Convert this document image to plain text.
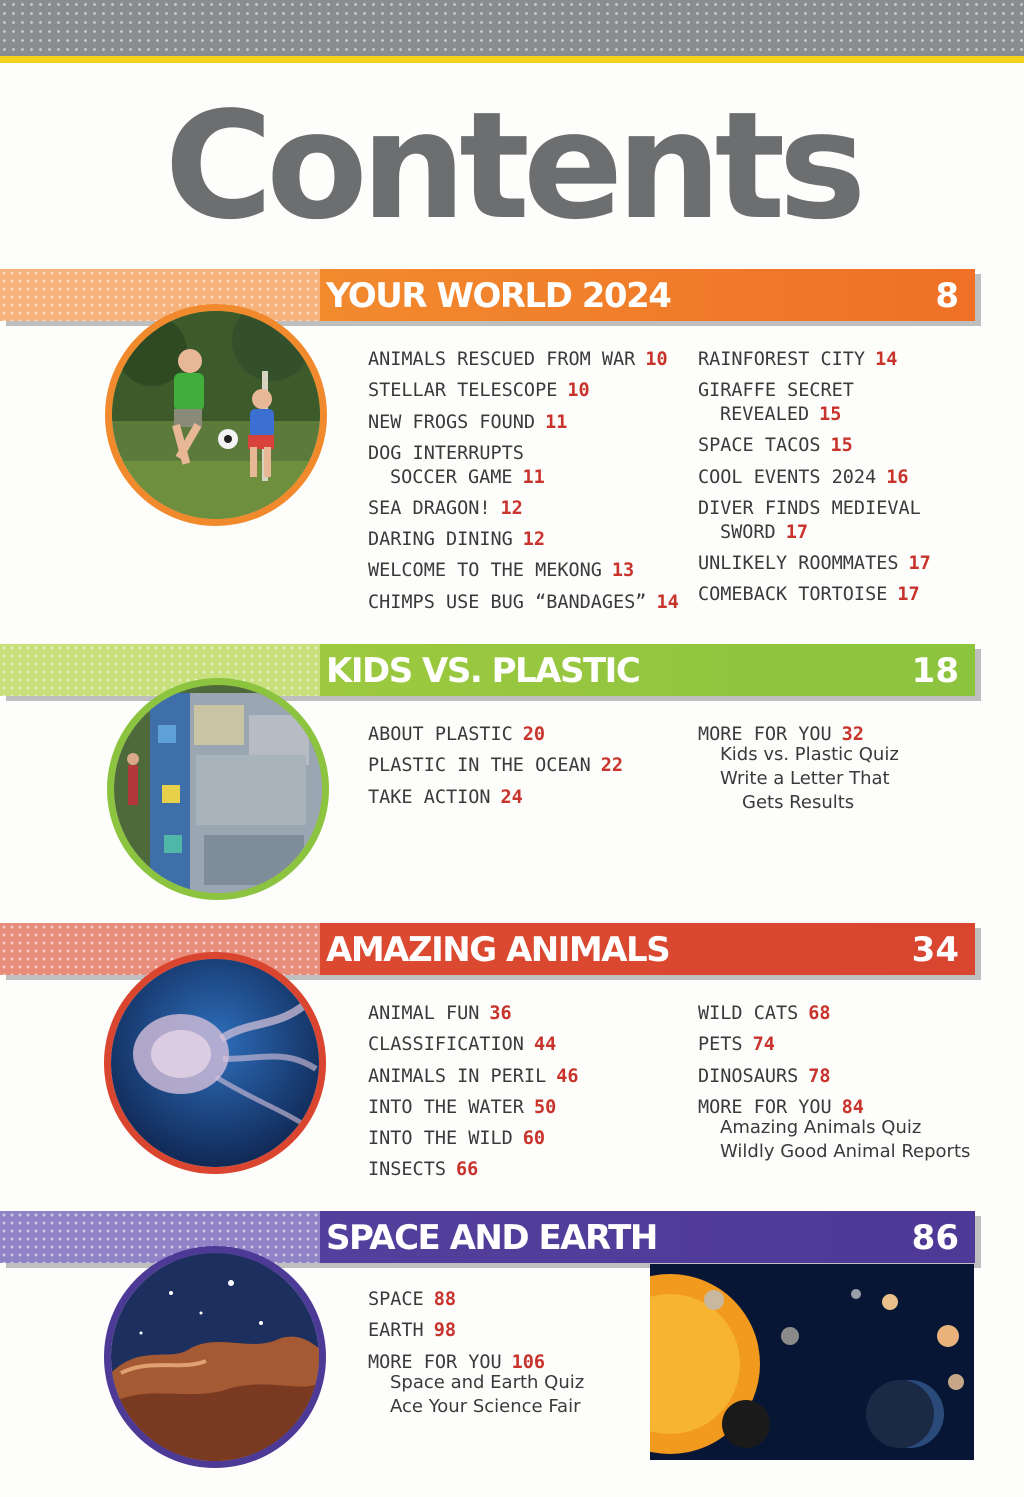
Contents
YOUR WORLD 2024	8
ANIMALS RESCUED FROM WAR 10
STELLAR TELESCOPE 10
NEW FROGS FOUND 11
DOG INTERRUPTS
SOCCER GAME 11
SEA DRAGON! 12
DARING DINING 12
WELCOME TO THE MEKONG 13
CHIMPS USE BUG “BANDAGES” 14
RAINFOREST CITY 14
GIRAFFE SECRET
REVEALED 15
SPACE TACOS 15
COOL EVENTS 2024 16
DIVER FINDS MEDIEVAL
SWORD 17
UNLIKELY ROOMMATES 17
COMEBACK TORTOISE 17
KIDS VS. PLASTIC	18
ABOUT PLASTIC 20
PLASTIC IN THE OCEAN 22
TAKE ACTION 24
MORE FOR YOU 32
Kids vs. Plastic Quiz
Write a Letter That
Gets Results
AMAZING ANIMALS	34
ANIMAL FUN 36
CLASSIFICATION 44
ANIMALS IN PERIL 46
INTO THE WATER 50
INTO THE WILD 60
INSECTS 66
WILD CATS 68
PETS 74
DINOSAURS 78
MORE FOR YOU 84
Amazing Animals Quiz
Wildly Good Animal Reports
SPACE AND EARTH	86
SPACE 88
EARTH 98
MORE FOR YOU 106
Space and Earth Quiz
Ace Your Science Fair
